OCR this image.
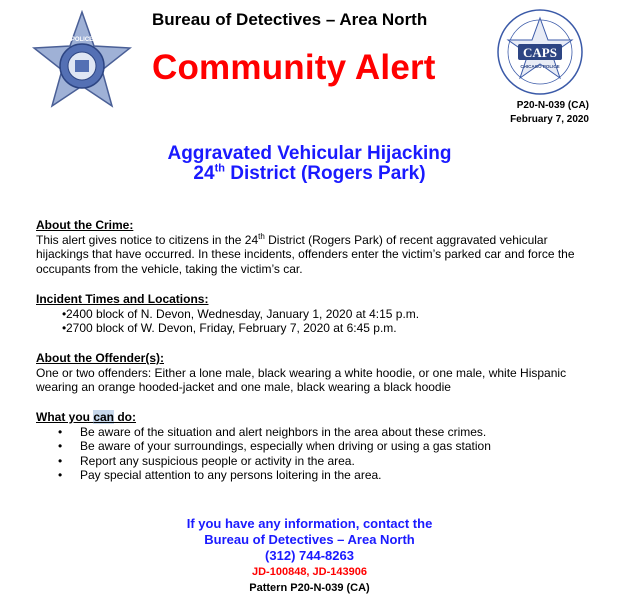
POLICE
Bureau of Detectives – Area North
Community Alert	CAPS
CHICAGO POLICE
P20-N-039 (CA)
February 7, 2020
Aggravated Vehicular Hijacking
24th District (Rogers Park)
About the Crime:
This alert gives notice to citizens in the 24th District (Rogers Park) of recent aggravated vehicular hijackings that have occurred. In these incidents, offenders enter the victim’s parked car and force the occupants from the vehicle, taking the victim’s car.
Incident Times and Locations:
• 2400 block of N. Devon, Wednesday, January 1, 2020 at 4:15 p.m.
• 2700 block of W. Devon, Friday, February 7, 2020 at 6:45 p.m.
About the Offender(s):
One or two offenders: Either a lone male, black wearing a white hoodie, or one male, white Hispanic wearing an orange hooded-jacket and one male, black wearing a black hoodie
What you can do:
• Be aware of the situation and alert neighbors in the area about these crimes.
• Be aware of your surroundings, especially when driving or using a gas station
• Report any suspicious people or activity in the area.
• Pay special attention to any persons loitering in the area.
If you have any information, contact the
Bureau of Detectives – Area North
(312) 744-8263
JD-100848, JD-143906
Pattern P20-N-039 (CA)
